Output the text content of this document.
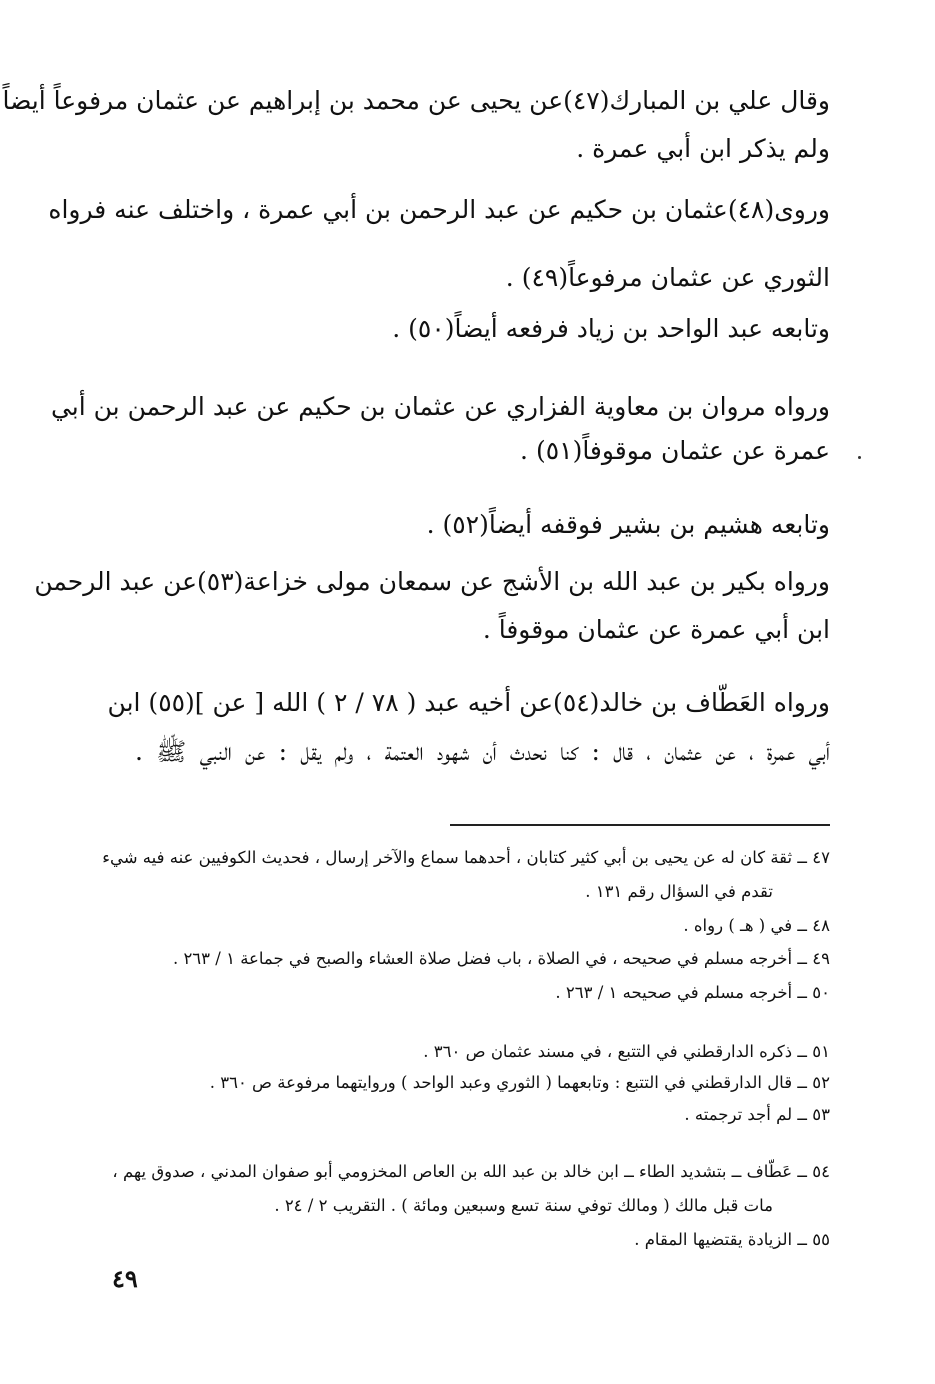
وقال علي بن المبارك(٤٧)عن يحيى عن محمد بن إبراهيم عن عثمان مرفوعاً أيضاً
ولم يذكر ابن أبي عمرة .
وروى(٤٨)عثمان بن حكيم عن عبد الرحمن بن أبي عمرة ، واختلف عنه فرواه
الثوري عن عثمان مرفوعاً(٤٩) .
وتابعه عبد الواحد بن زياد فرفعه أيضاً(٥٠) .
ورواه مروان بن معاوية الفزاري عن عثمان بن حكيم عن عبد الرحمن بن أبي
عمرة عن عثمان موقوفاً(٥١) .
وتابعه هشيم بن بشير فوقفه أيضاً(٥٢) .
ورواه بكير بن عبد الله بن الأشج عن سمعان مولى خزاعة(٥٣)عن عبد الرحمن
ابن أبي عمرة عن عثمان موقوفاً .
ورواه العَطّاف بن خالد(٥٤)عن أخيه عبد ( ٧٨ / ٢ ) الله [ عن ](٥٥) ابن
أبي عمرة ، عن عثمان ، قال : كنا نحدث أن شهود العتمة ، ولم يقل : عن النبي ﷺ .
٤٧ ــ ثقة كان له عن يحيى بن أبي كثير كتابان ، أحدهما سماع والآخر إرسال ، فحديث الكوفيين عنه فيه شيء
تقدم في السؤال رقم ١٣١ .
٤٨ ــ في ( هـ ) رواه .
٤٩ ــ أخرجه مسلم في صحيحه ، في الصلاة ، باب فضل صلاة العشاء والصبح في جماعة ١ / ٢٦٣ .
٥٠ ــ أخرجه مسلم في صحيحه ١ / ٢٦٣ .
٥١ ــ ذكره الدارقطني في التتبع ، في مسند عثمان ص ٣٦٠ .
٥٢ ــ قال الدارقطني في التتبع : وتابعهما ( الثوري وعبد الواحد ) وروايتهما مرفوعة ص ٣٦٠ .
٥٣ ــ لم أجد ترجمته .
٥٤ ــ عَطّاف ــ بتشديد الطاء ــ ابن خالد بن عبد الله بن العاص المخزومي أبو صفوان المدني ، صدوق يهم ،
مات قبل مالك ( ومالك توفي سنة تسع وسبعين ومائة ) . التقريب ٢ / ٢٤ .
٥٥ ــ الزيادة يقتضيها المقام .
٤٩
